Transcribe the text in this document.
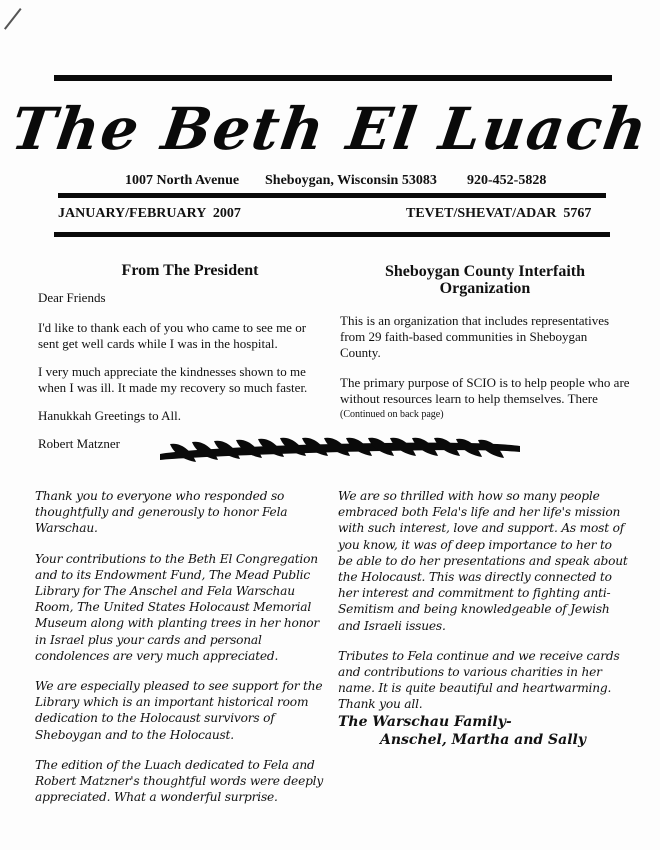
The Beth El Luach
1007 North Avenue Sheboygan, Wisconsin 53083 920-452-5828
JANUARY/FEBRUARY  2007	TEVET/SHEVAT/ADAR  5767
From The President

Dear Friends

I'd like to thank each of you who came to see me or sent get well cards while I was in the hospital.

I very much appreciate the kindnesses shown to me when I was ill. It made my recovery so much faster.

Hanukkah Greetings to All.

Robert Matzner

Sheboygan County Interfaith Organization

This is an organization that includes representatives from 29 faith-based communities in Sheboygan County.

The primary purpose of SCIO is to help people who are without resources learn to help themselves. There

(Continued on back page)

Thank you to everyone who responded so thoughtfully and generously to honor Fela Warschau.

Your contributions to the Beth El Congregation and to its Endowment Fund, The Mead Public Library for The Anschel and Fela Warschau Room, The United States Holocaust Memorial Museum along with planting trees in her honor in Israel plus your cards and personal condolences are very much appreciated.

We are especially pleased to see support for the Library which is an important historical room dedication to the Holocaust survivors of Sheboygan and to the Holocaust.

The edition of the Luach dedicated to Fela and Robert Matzner's thoughtful words were deeply appreciated. What a wonderful surprise.

We are so thrilled with how so many people embraced both Fela's life and her life's mission with such interest, love and support. As most of you know, it was of deep importance to her to be able to do her presentations and speak about the Holocaust. This was directly connected to her interest and commitment to fighting anti-Semitism and being knowledgeable of Jewish and Israeli issues.

Tributes to Fela continue and we receive cards and contributions to various charities in her name. It is quite beautiful and heartwarming. Thank you all.

The Warschau Family-
Anschel, Martha and Sally
